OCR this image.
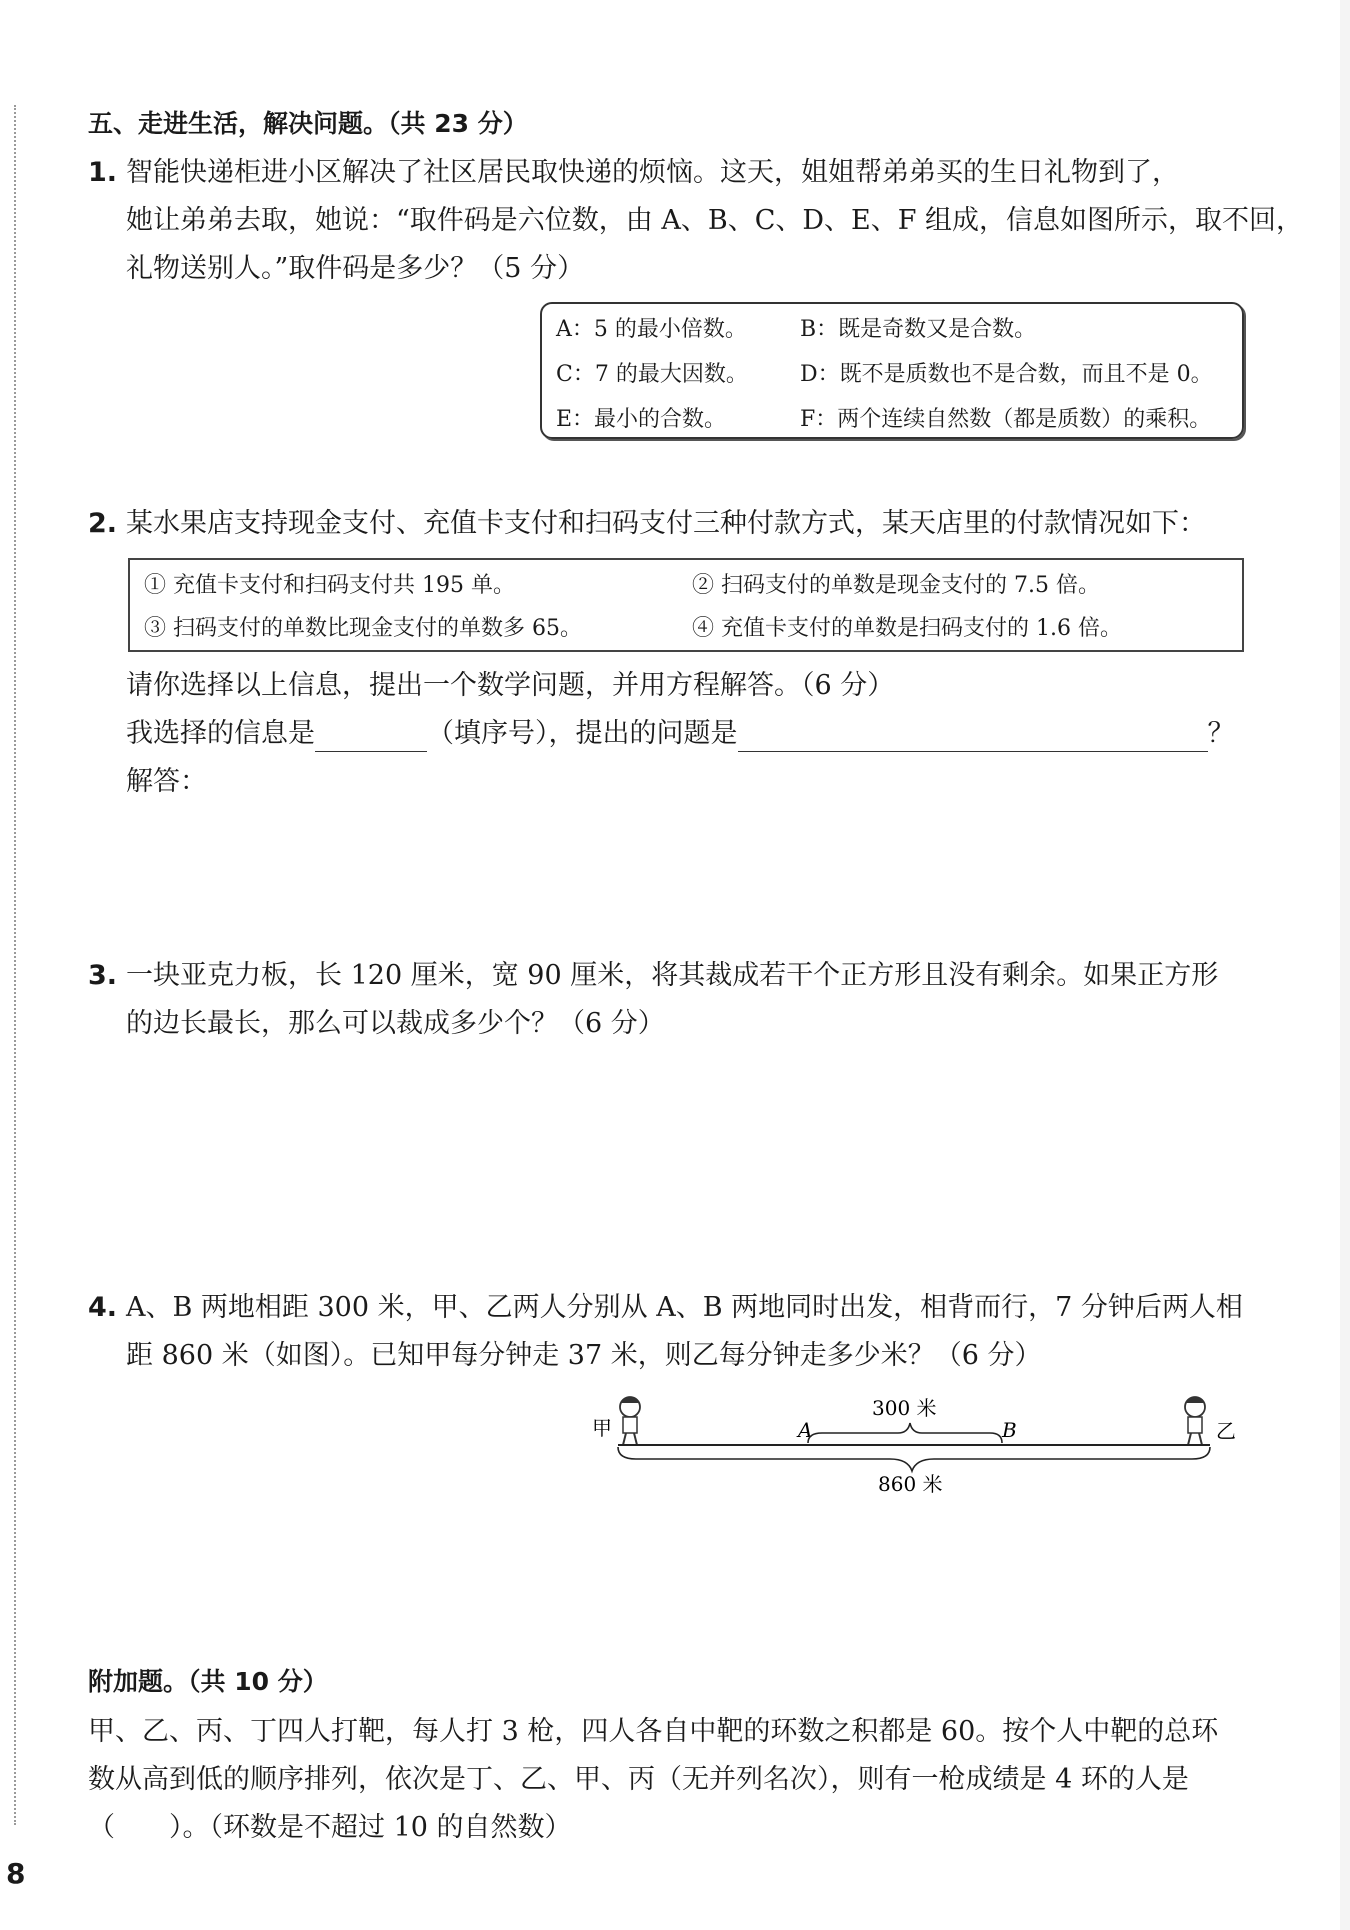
五、走进生活，解决问题。（共 23 分）
1. 智能快递柜进小区解决了社区居民取快递的烦恼。这天，姐姐帮弟弟买的生日礼物到了，
她让弟弟去取，她说：“取件码是六位数，由 A、B、C、D、E、F 组成，信息如图所示，取不回，
礼物送别人。”取件码是多少？（5 分）
A：5 的最小倍数。 B：既是奇数又是合数。
C：7 的最大因数。 D：既不是质数也不是合数，而且不是 0。
E：最小的合数。	F：两个连续自然数（都是质数）的乘积。
2. 某水果店支持现金支付、充值卡支付和扫码支付三种付款方式，某天店里的付款情况如下：
① 充值卡支付和扫码支付共 195 单。	② 扫码支付的单数是现金支付的 7.5 倍。
③ 扫码支付的单数比现金支付的单数多 65。	④ 充值卡支付的单数是扫码支付的 1.6 倍。
请你选择以上信息，提出一个数学问题，并用方程解答。（6 分）
我选择的信息是	（填序号），提出的问题是	？
解答：
3. 一块亚克力板，长 120 厘米，宽 90 厘米，将其裁成若干个正方形且没有剩余。如果正方形
的边长最长，那么可以裁成多少个？（6 分）
4. A、B 两地相距 300 米，甲、乙两人分别从 A、B 两地同时出发，相背而行，7 分钟后两人相
距 860 米（如图）。已知甲每分钟走 37 米，则乙每分钟走多少米？（6 分）
甲	乙
A	B
300 米
860 米
附加题。（共 10 分）
甲、乙、丙、丁四人打靶，每人打 3 枪，四人各自中靶的环数之积都是 60。按个人中靶的总环
数从高到低的顺序排列，依次是丁、乙、甲、丙（无并列名次），则有一枪成绩是 4 环的人是
（　　）。（环数是不超过 10 的自然数）
8
